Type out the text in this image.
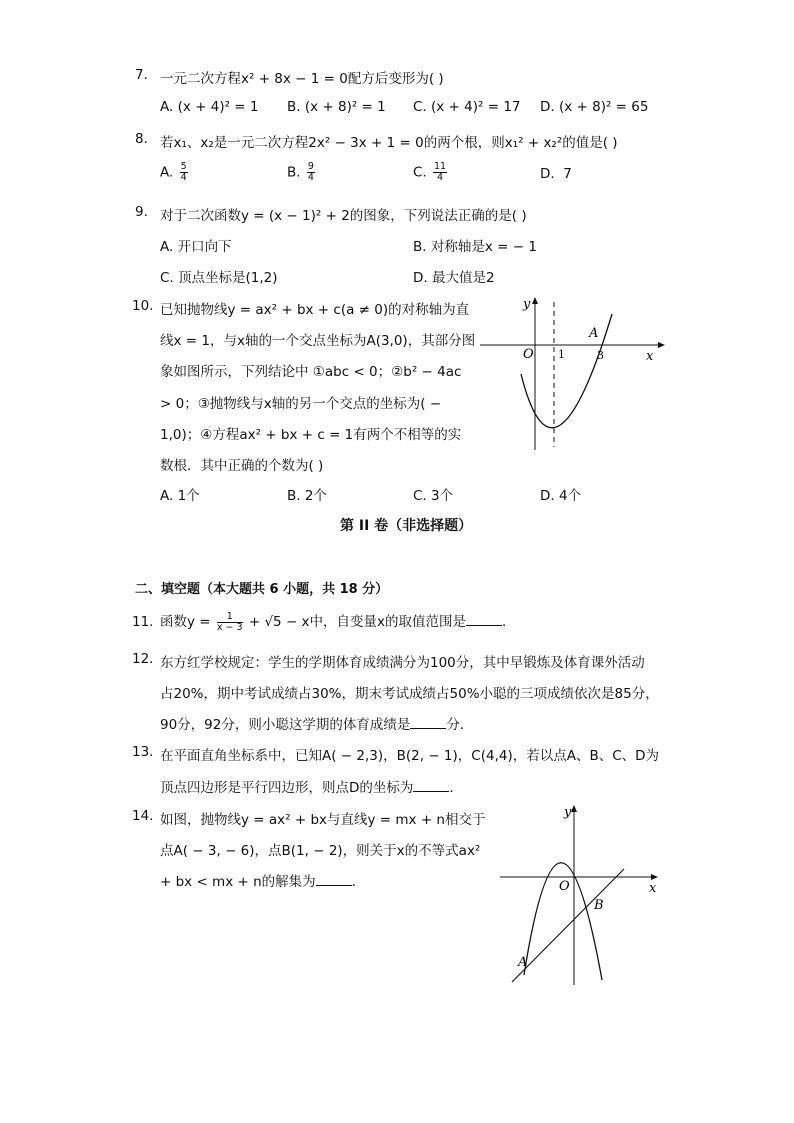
7. 一元二次方程x² + 8x − 1 = 0配方后变形为( )
A. (x + 4)² = 1 B. (x + 8)² = 1 C. (x + 4)² = 17 D. (x + 8)² = 65
8. 若x₁、x₂是一元二次方程2x² − 3x + 1 = 0的两个根，则x₁² + x₂²的值是( )
A. $\frac{5}{4}$	B. $\frac{9}{4}$	C. $\frac{11}{4}$	D. 7
9. 对于二次函数y = (x − 1)² + 2的图象，下列说法正确的是( )
A. 开口向下	B. 对称轴是x = − 1
C. 顶点坐标是(1,2)	D. 最大值是2
10. 已知抛物线y = ax² + bx + c(a ≠ 0)的对称轴为直
线x = 1，与x轴的一个交点坐标为A(3,0)，其部分图
象如图所示，下列结论中 ①abc < 0；②b² − 4ac
> 0；③抛物线与x轴的另一个交点的坐标为( −
1,0)；④方程ax² + bx + c = 1有两个不相等的实
数根．其中正确的个数为( )
A. 1个	B. 2个	C. 3个	D. 4个
y
x
O 1	3
A
第 II 卷（非选择题）
二、填空题（本大题共 6 小题，共 18 分）
11. 函数$y = \frac{1}{x - 3} + √5 - x$中，自变量x的取值范围是	．
12. 东方红学校规定：学生的学期体育成绩满分为100分，其中早锻炼及体育课外活动
占20%，期中考试成绩占30%，期末考试成绩占50%小聪的三项成绩依次是85分，
90分，92分，则小聪这学期的体育成绩是	分．
13. 在平面直角坐标系中，已知A( − 2,3)，B(2, − 1)，C(4,4)，若以点A、B、C、D为
顶点四边形是平行四边形，则点D的坐标为	．
14. 如图，抛物线y = ax² + bx与直线y = mx + n相交于
点A( − 3, − 6)，点B(1, − 2)，则关于x的不等式ax²
+ bx < mx + n的解集为	．
y
x
O
A
B
